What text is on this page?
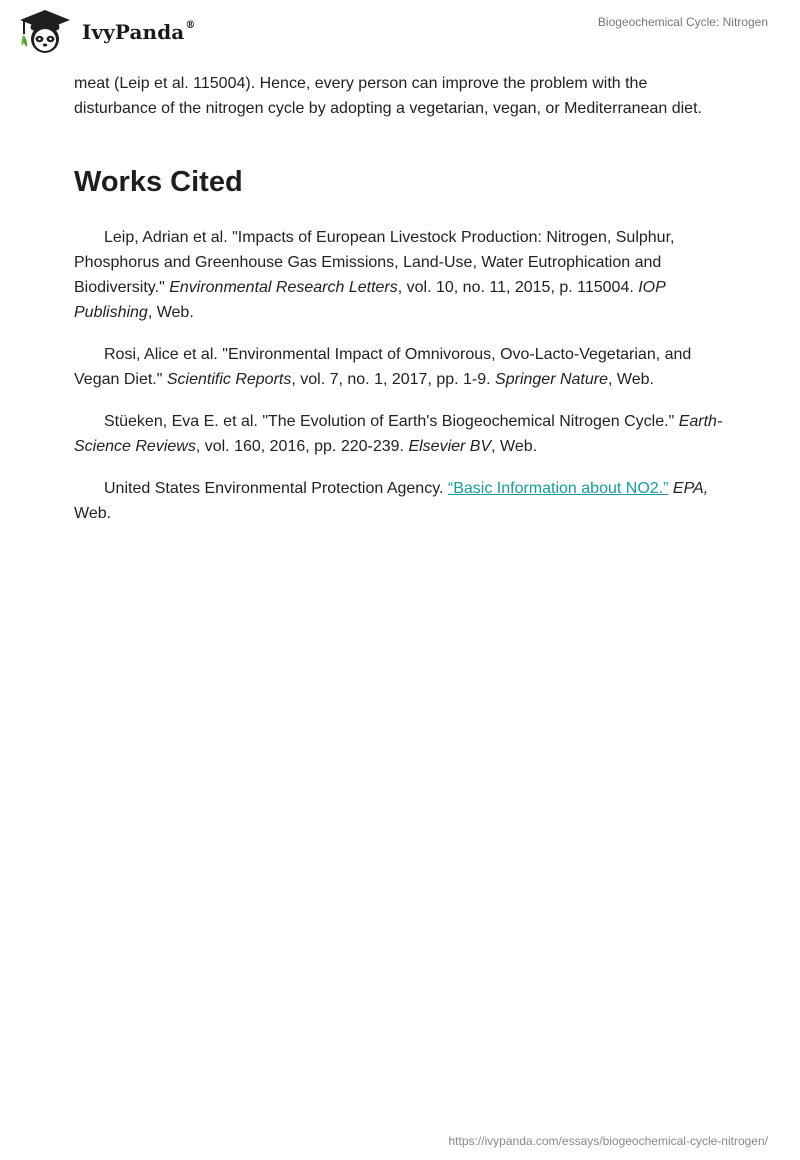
IvyPanda®	Biogeochemical Cycle: Nitrogen

meat (Leip et al. 115004). Hence, every person can improve the problem with the disturbance of the nitrogen cycle by adopting a vegetarian, vegan, or Mediterranean diet.

Works Cited

Leip, Adrian et al. "Impacts of European Livestock Production: Nitrogen, Sulphur, Phosphorus and Greenhouse Gas Emissions, Land-Use, Water Eutrophication and Biodiversity." Environmental Research Letters, vol. 10, no. 11, 2015, p. 115004. IOP Publishing, Web.

Rosi, Alice et al. "Environmental Impact of Omnivorous, Ovo-Lacto-Vegetarian, and Vegan Diet." Scientific Reports, vol. 7, no. 1, 2017, pp. 1-9. Springer Nature, Web.

Stüeken, Eva E. et al. "The Evolution of Earth's Biogeochemical Nitrogen Cycle." Earth-Science Reviews, vol. 160, 2016, pp. 220-239. Elsevier BV, Web.

United States Environmental Protection Agency. “Basic Information about NO2.” EPA, Web.

https://ivypanda.com/essays/biogeochemical-cycle-nitrogen/
